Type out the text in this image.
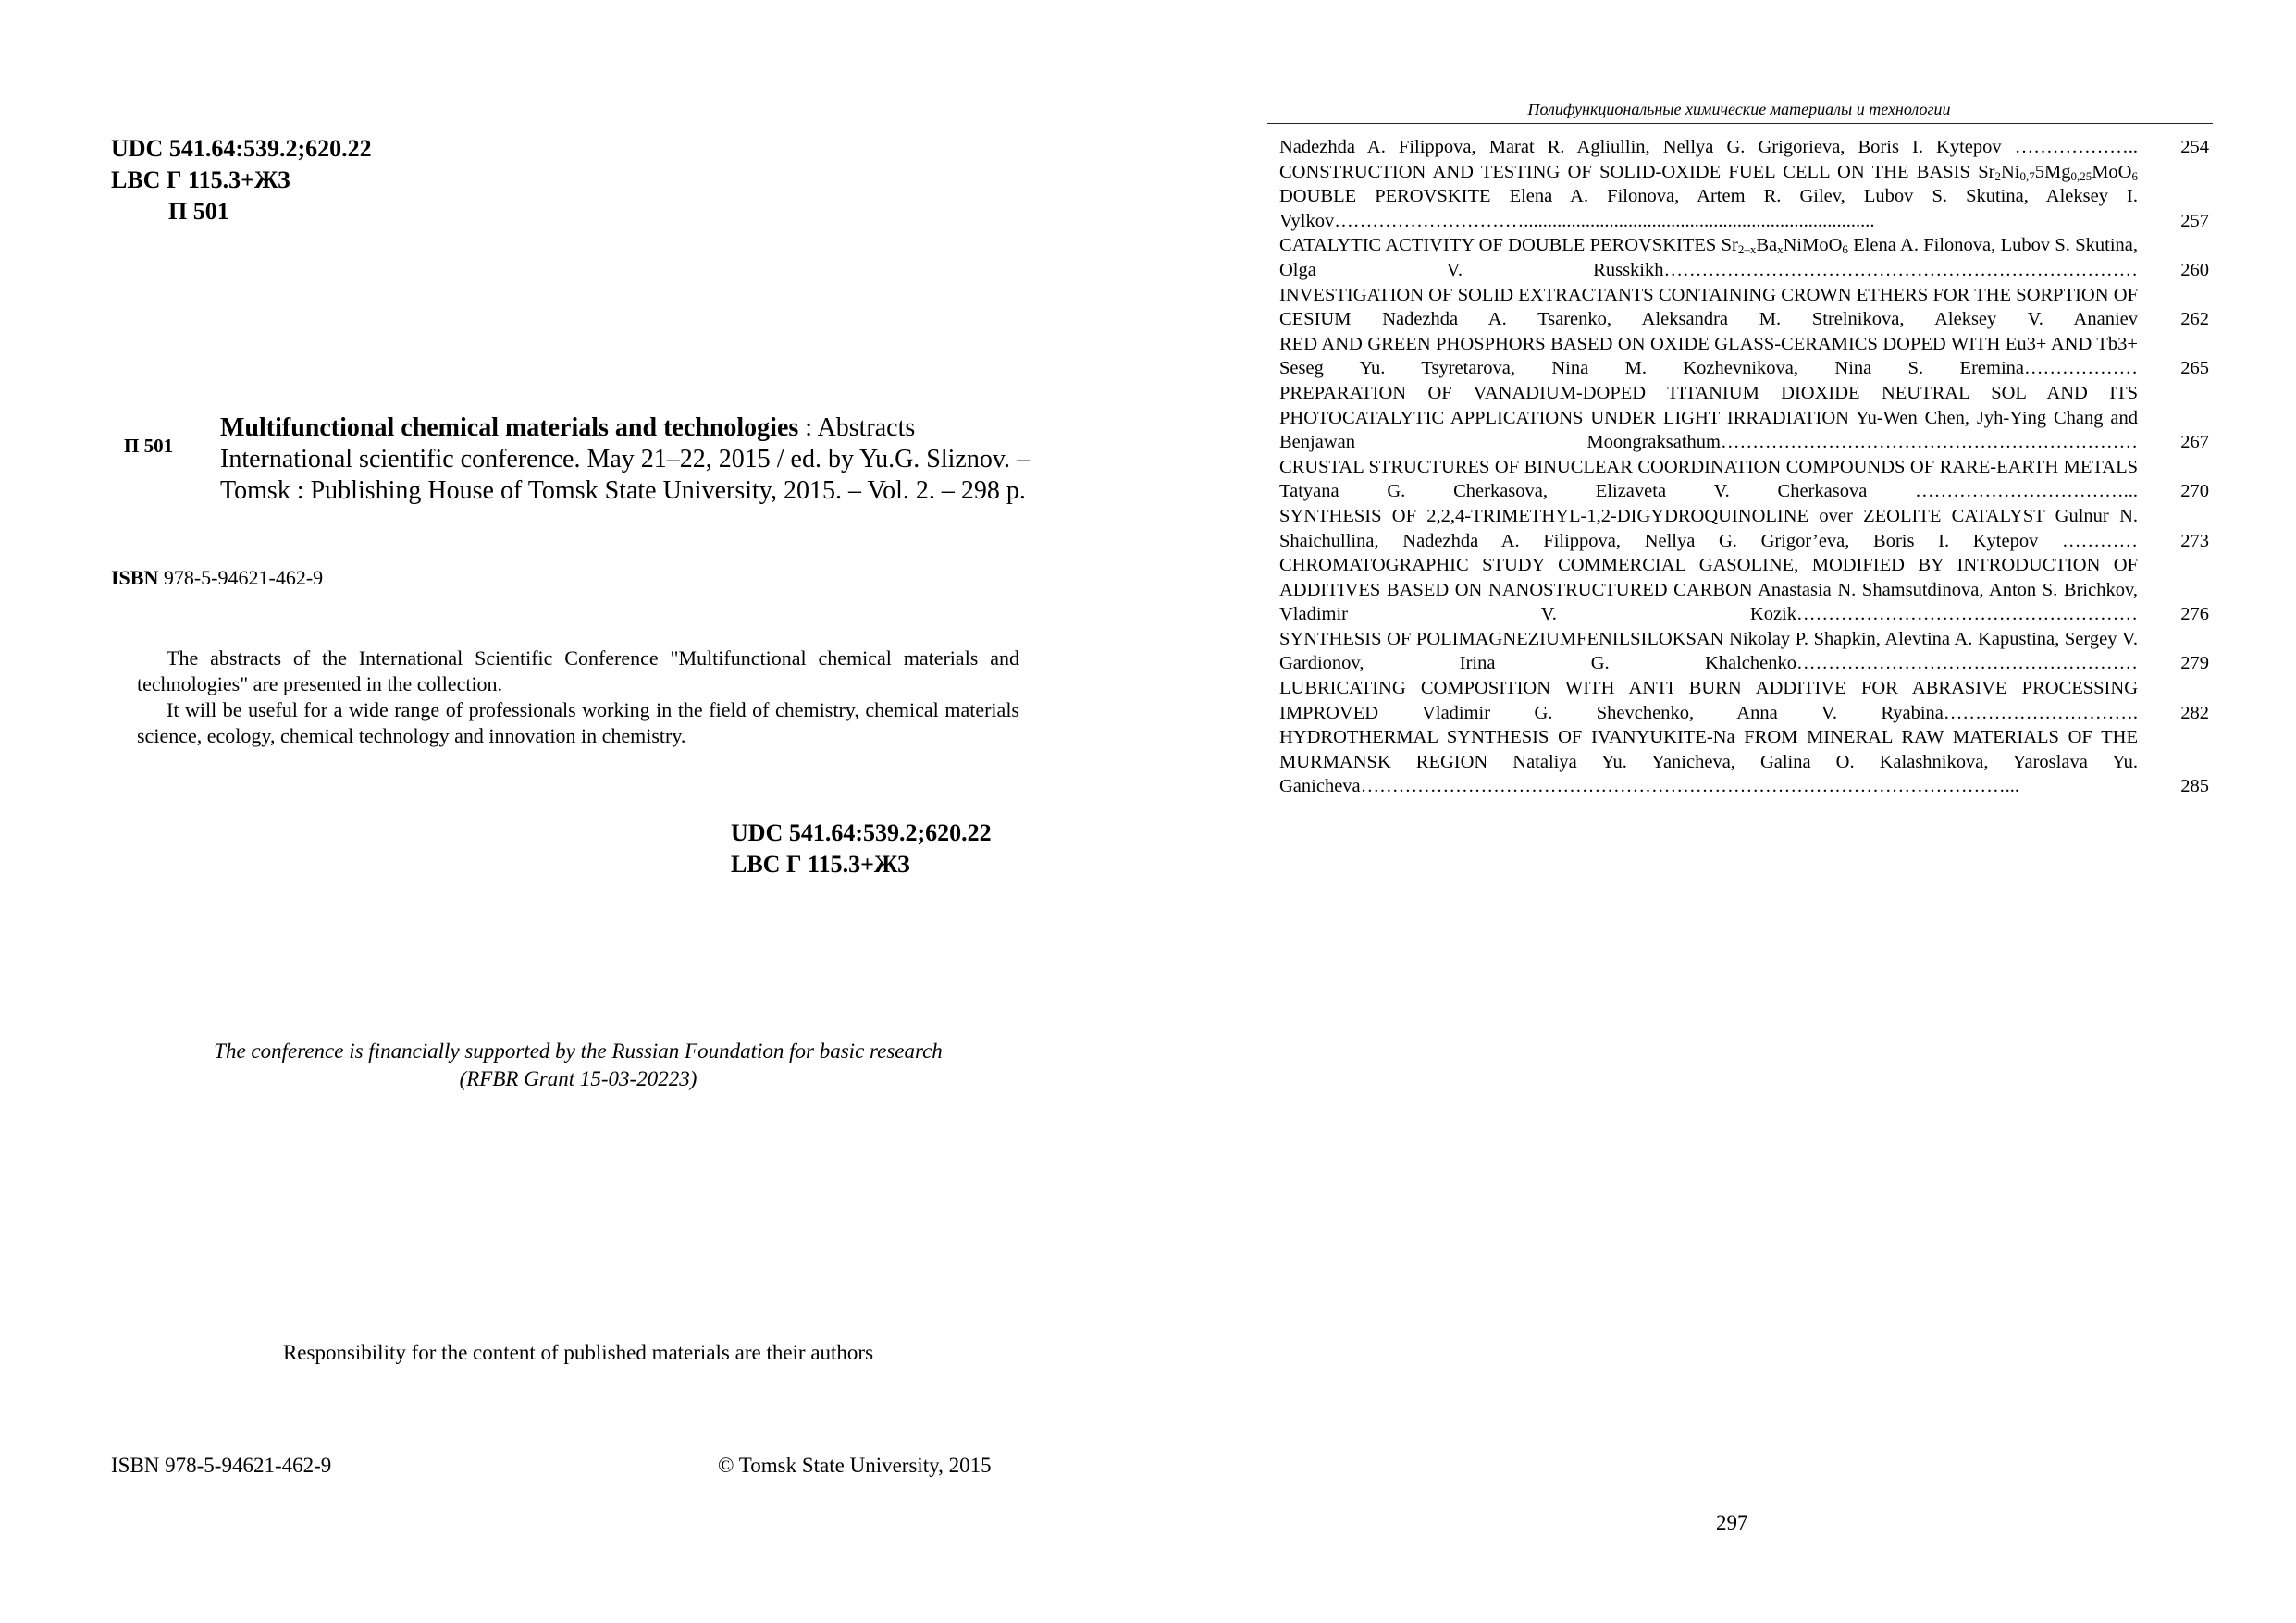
UDC 541.64:539.2;620.22
LBC Г 115.3+ЖЗ
П 501
П 501
Multifunctional chemical materials and technologies : Abstracts International scientific conference. May 21–22, 2015 / ed. by Yu.G. Sliznov. – Tomsk : Publishing House of Tomsk State University, 2015. – Vol. 2. – 298 p.
ISBN 978-5-94621-462-9

The abstracts of the International Scientific Conference "Multifunctional chemical materials and technologies" are presented in the collection.

It will be useful for a wide range of professionals working in the field of chemistry, chemical materials science, ecology, chemical technology and innovation in chemistry.

UDC 541.64:539.2;620.22
LBC Г 115.3+ЖЗ
The conference is financially supported by the Russian Foundation for basic research
(RFBR Grant 15-03-20223)
Responsibility for the content of published materials are their authors
ISBN 978-5-94621-462-9	© Tomsk State University, 2015
Полифункциональные химические материалы и технологии
Nadezhda A. Filippova, Marat R. Agliullin, Nellya G. Grigorieva, Boris I. Kytepov ………………..	254
CONSTRUCTION AND TESTING OF SOLID-OXIDE FUEL CELL ON THE BASIS $Sr_2Ni_{0,7}5Mg_{0,25}MoO_6$ DOUBLE PEROVSKITE Elena A. Filonova, Artem R. Gilev, Lubov S. Skutina, Aleksey I. Vylkov…………………………..........................................................................	257
CATALYTIC ACTIVITY OF DOUBLE PEROVSKITES $Sr_{2-x}Ba_xNiMoO_6$ Elena A. Filonova, Lubov S. Skutina, Olga V. Russkikh…………………………………………………………………	260
INVESTIGATION OF SOLID EXTRACTANTS CONTAINING CROWN ETHERS FOR THE SORPTION OF CESIUM Nadezhda A. Tsarenko, Aleksandra M. Strelnikova, Aleksey V. Ananiev	262
RED AND GREEN PHOSPHORS BASED ON OXIDE GLASS-CERAMICS DOPED WITH Eu3+ AND Tb3+ Seseg Yu. Tsyretarova, Nina M. Kozhevnikova, Nina S. Eremina………………	265
PREPARATION OF VANADIUM-DOPED TITANIUM DIOXIDE NEUTRAL SOL AND ITS PHOTOCATALYTIC APPLICATIONS UNDER LIGHT IRRADIATION Yu-Wen Chen, Jyh-Ying Chang and Benjawan Moongraksathum…………………………………………………………	267
CRUSTAL STRUCTURES OF BINUCLEAR COORDINATION COMPOUNDS OF RARE-EARTH METALS Tatyana G. Cherkasova, Elizaveta V. Cherkasova ……………………………...	270
SYNTHESIS OF 2,2,4-TRIMETHYL-1,2-DIGYDROQUINOLINE over ZEOLITE CATALYST Gulnur N. Shaichullina, Nadezhda A. Filippova, Nellya G. Grigor’eva, Boris I. Kytepov …………	273
CHROMATOGRAPHIC STUDY COMMERCIAL GASOLINE, MODIFIED BY INTRODUCTION OF ADDITIVES BASED ON NANOSTRUCTURED CARBON Anastasia N. Shamsutdinova, Anton S. Brichkov, Vladimir V. Kozik………………………………………………	276
SYNTHESIS OF POLIMAGNEZIUMFENILSILOKSAN Nikolay P. Shapkin, Alevtina A. Kapustina, Sergey V. Gardionov, Irina G. Khalchenko………………………………………………	279
LUBRICATING COMPOSITION WITH ANTI BURN ADDITIVE FOR ABRASIVE PROCESSING IMPROVED Vladimir G. Shevchenko, Anna V. Ryabina………………………….	282
HYDROTHERMAL SYNTHESIS OF IVANYUKITE-Na FROM MINERAL RAW MATERIALS OF THE MURMANSK REGION Nataliya Yu. Yanicheva, Galina O. Kalashnikova, Yaroslava Yu. Ganicheva…………………………………………………………………………………………...	285
297
